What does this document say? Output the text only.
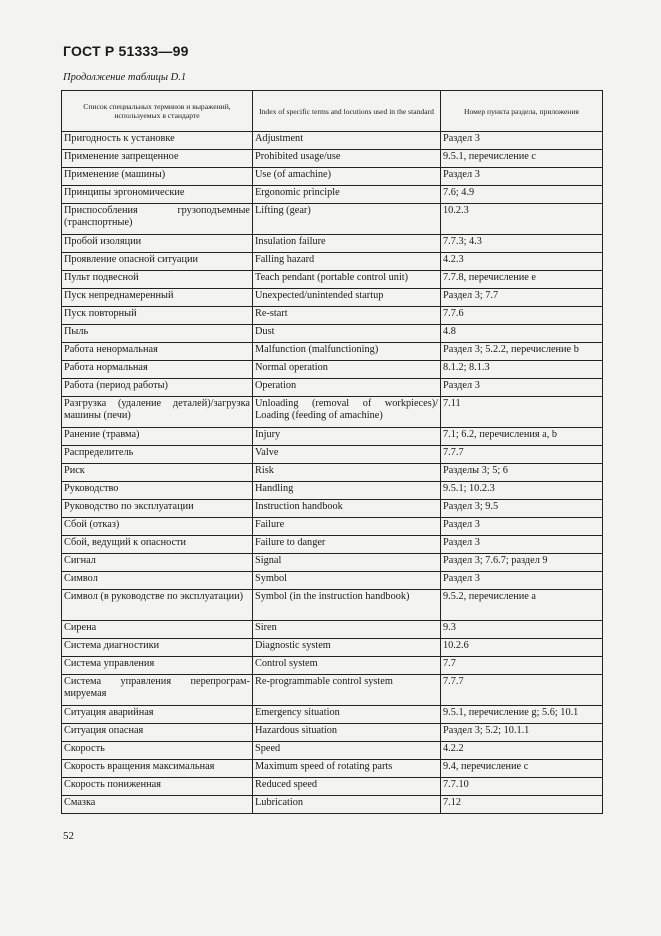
ГОСТ Р 51333—99
Продолжение таблицы D.1
Список специальных терминов и выражений, используемых в стандарте	Index of specific terms and locutions used in the standard	Номер пункта раздела, приложения
Пригодность к установке	Adjustment	Раздел 3
Применение запрещенное	Prohibited usage/use	9.5.1, перечисление c
Применение (машины)	Use (of amachine)	Раздел 3
Принципы эргономические	Ergonomic principle	7.6; 4.9
Приспособления грузоподъемные (транспортные)	Lifting (gear)	10.2.3
Пробой изоляции	Insulation failure	7.7.3; 4.3
Проявление опасной ситуации	Falling hazard	4.2.3
Пульт подвесной	Teach pendant (portable control unit)	7.7.8, перечисление e
Пуск непреднамеренный	Unexpected/unintended startup	Раздел 3; 7.7
Пуск повторный	Re-start	7.7.6
Пыль	Dust	4.8
Работа ненормальная	Malfunction (malfunctioning)	Раздел 3; 5.2.2, перечисление b
Работа нормальная	Normal operation	8.1.2; 8.1.3
Работа (период работы)	Operation	Раздел 3
Разгрузка (удаление деталей)/загрузка машины (печи)	Unloading (removal of workpieces)/ Loading (feeding of amachine)	7.11
Ранение (травма)	Injury	7.1; 6.2, перечисления a, b
Распределитель	Valve	7.7.7
Риск	Risk	Разделы 3; 5; 6
Руководство	Handling	9.5.1; 10.2.3
Руководство по эксплуатации	Instruction handbook	Раздел 3; 9.5
Сбой (отказ)	Failure	Раздел 3
Сбой, ведущий к опасности	Failure to danger	Раздел 3
Сигнал	Signal	Раздел 3; 7.6.7; раздел 9
Символ	Symbol	Раздел 3
Символ (в руководстве по эксплуатации)	Symbol (in the instruction handbook)	9.5.2, перечисление a
Сирена	Siren	9.3
Система диагностики	Diagnostic system	10.2.6
Система управления	Control system	7.7
Система управления перепрограм-мируемая	Re-programmable control system	7.7.7
Ситуация аварийная	Emergency situation	9.5.1, перечисление g; 5.6; 10.1
Ситуация опасная	Hazardous situation	Раздел 3; 5.2; 10.1.1
Скорость	Speed	4.2.2
Скорость вращения максимальная	Maximum speed of rotating parts	9.4, перечисление c
Скорость пониженная	Reduced speed	7.7.10
Смазка	Lubrication	7.12
52
